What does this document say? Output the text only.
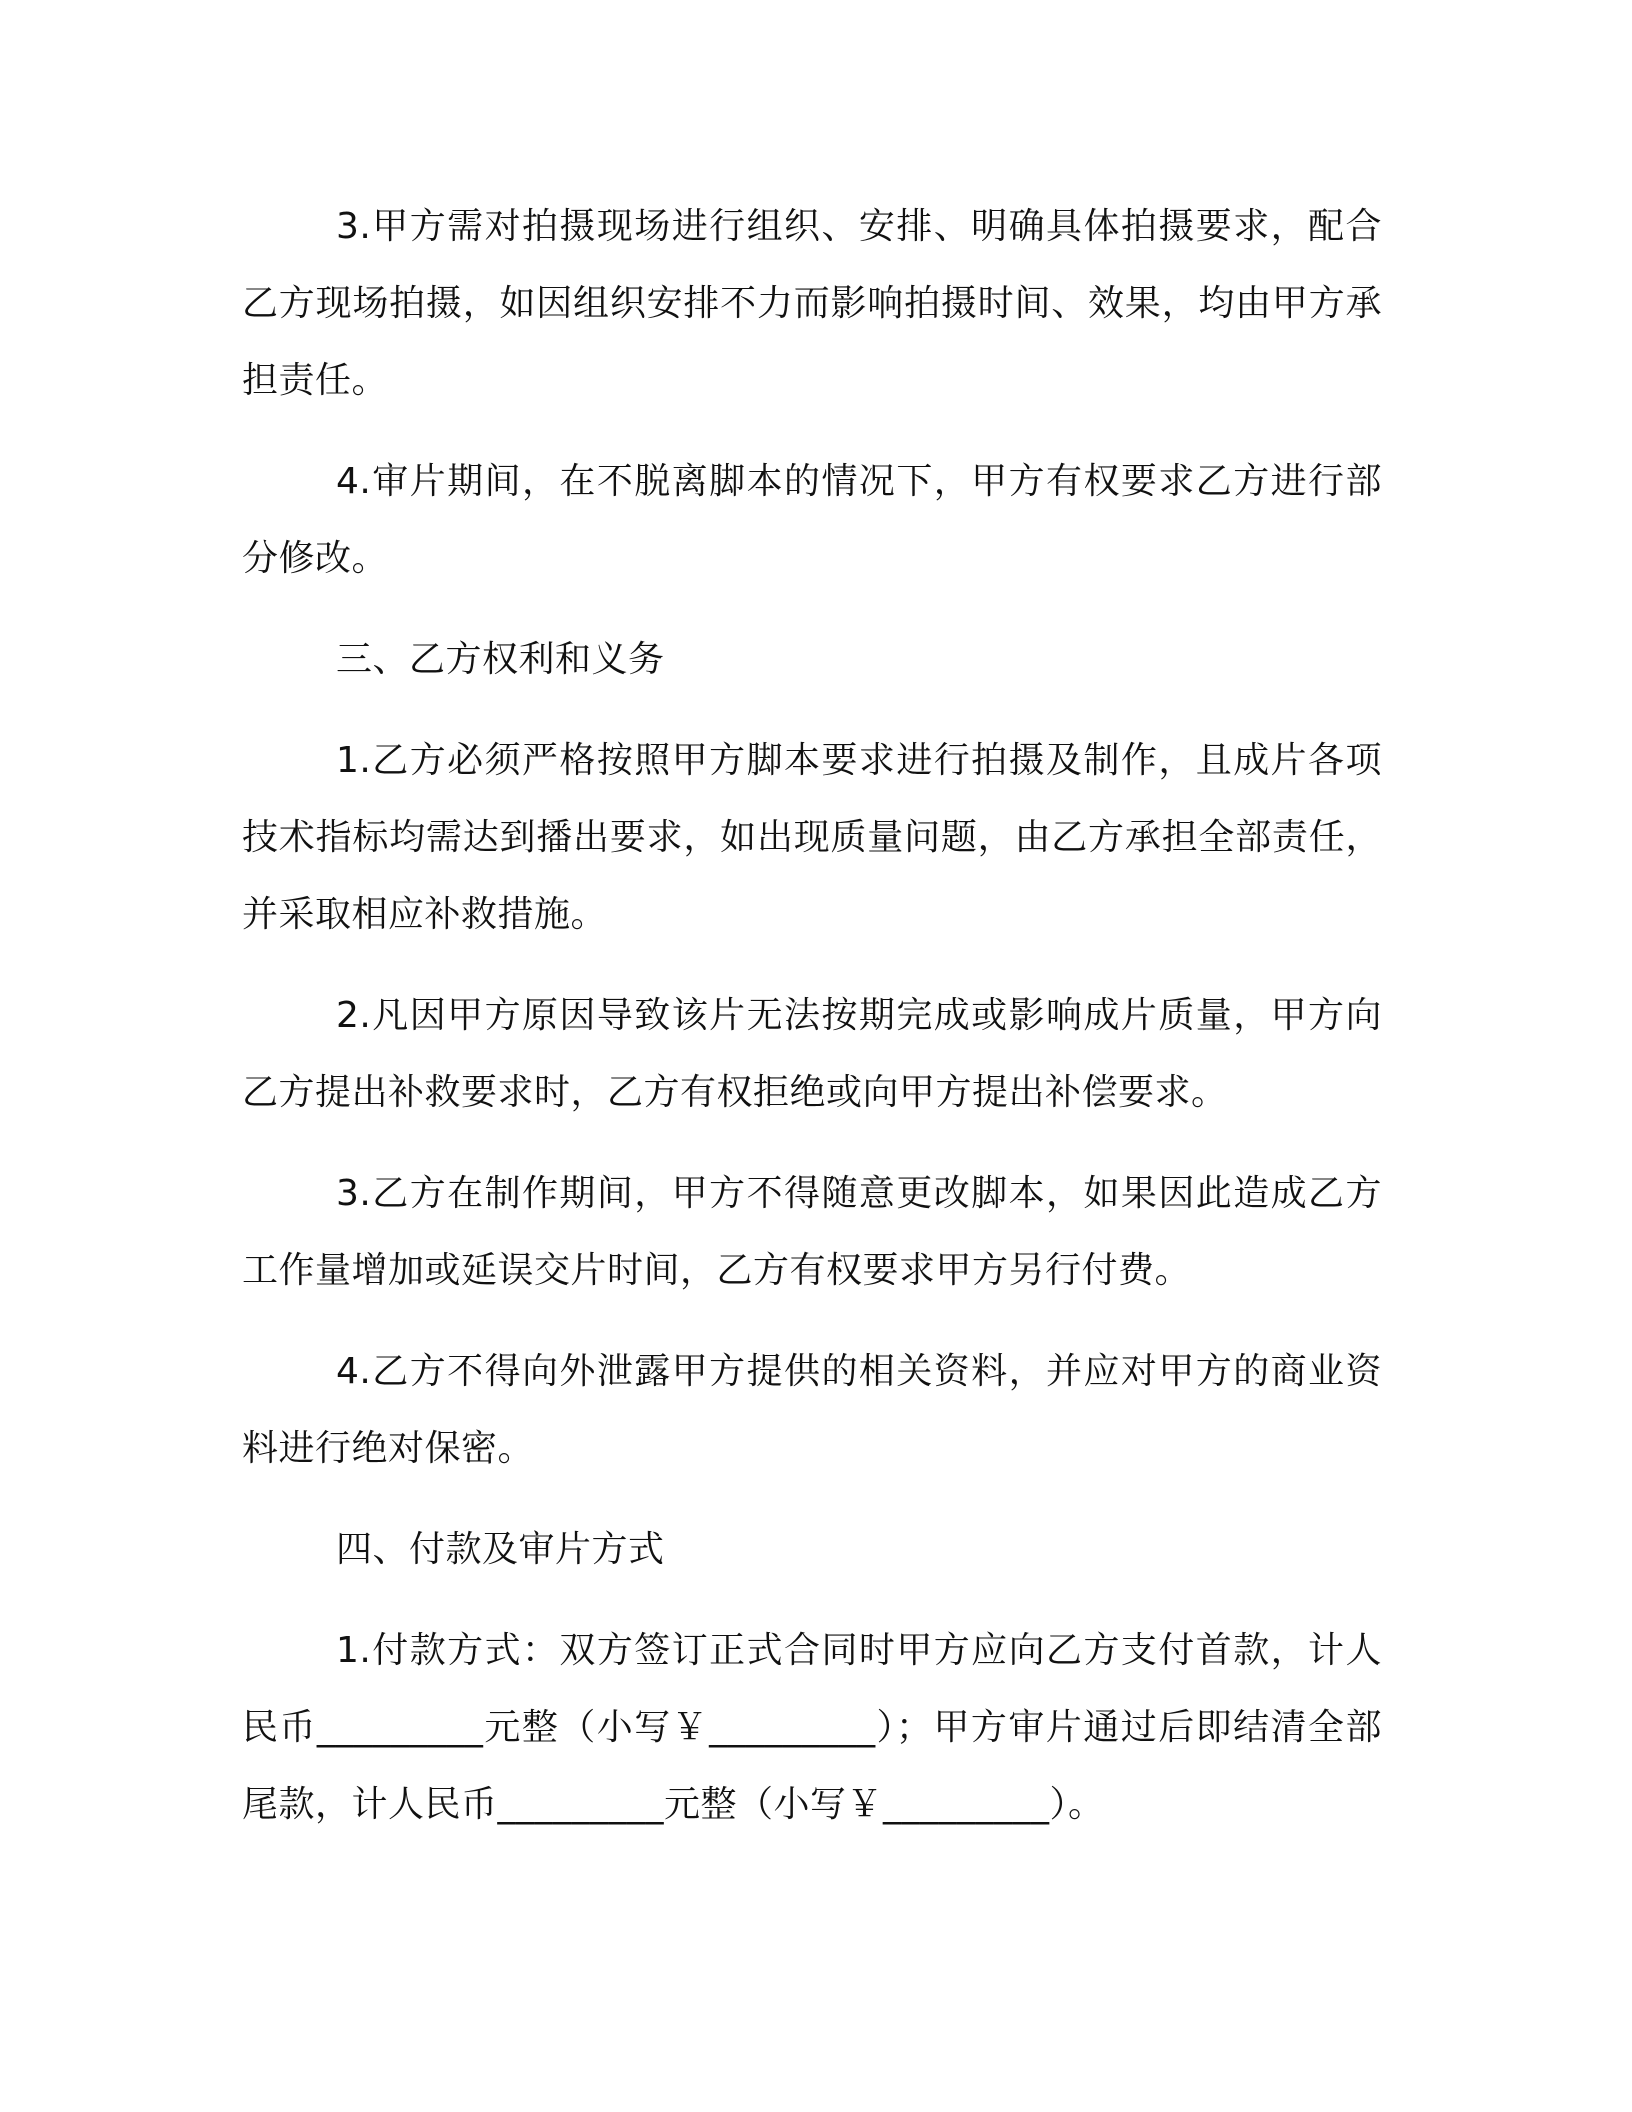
3.甲方需对拍摄现场进行组织、安排、明确具体拍摄要求，配合乙方现场拍摄，如因组织安排不力而影响拍摄时间、效果，均由甲方承担责任。

4.审片期间，在不脱离脚本的情况下，甲方有权要求乙方进行部分修改。

三、乙方权利和义务

1.乙方必须严格按照甲方脚本要求进行拍摄及制作，且成片各项技术指标均需达到播出要求，如出现质量问题，由乙方承担全部责任，并采取相应补救措施。

2.凡因甲方原因导致该片无法按期完成或影响成片质量，甲方向乙方提出补救要求时，乙方有权拒绝或向甲方提出补偿要求。

3.乙方在制作期间，甲方不得随意更改脚本，如果因此造成乙方工作量增加或延误交片时间，乙方有权要求甲方另行付费。

4.乙方不得向外泄露甲方提供的相关资料，并应对甲方的商业资料进行绝对保密。

四、付款及审片方式

1.付款方式：双方签订正式合同时甲方应向乙方支付首款，计人民币_________元整（小写￥_________）；甲方审片通过后即结清全部尾款，计人民币_________元整（小写￥_________）。
